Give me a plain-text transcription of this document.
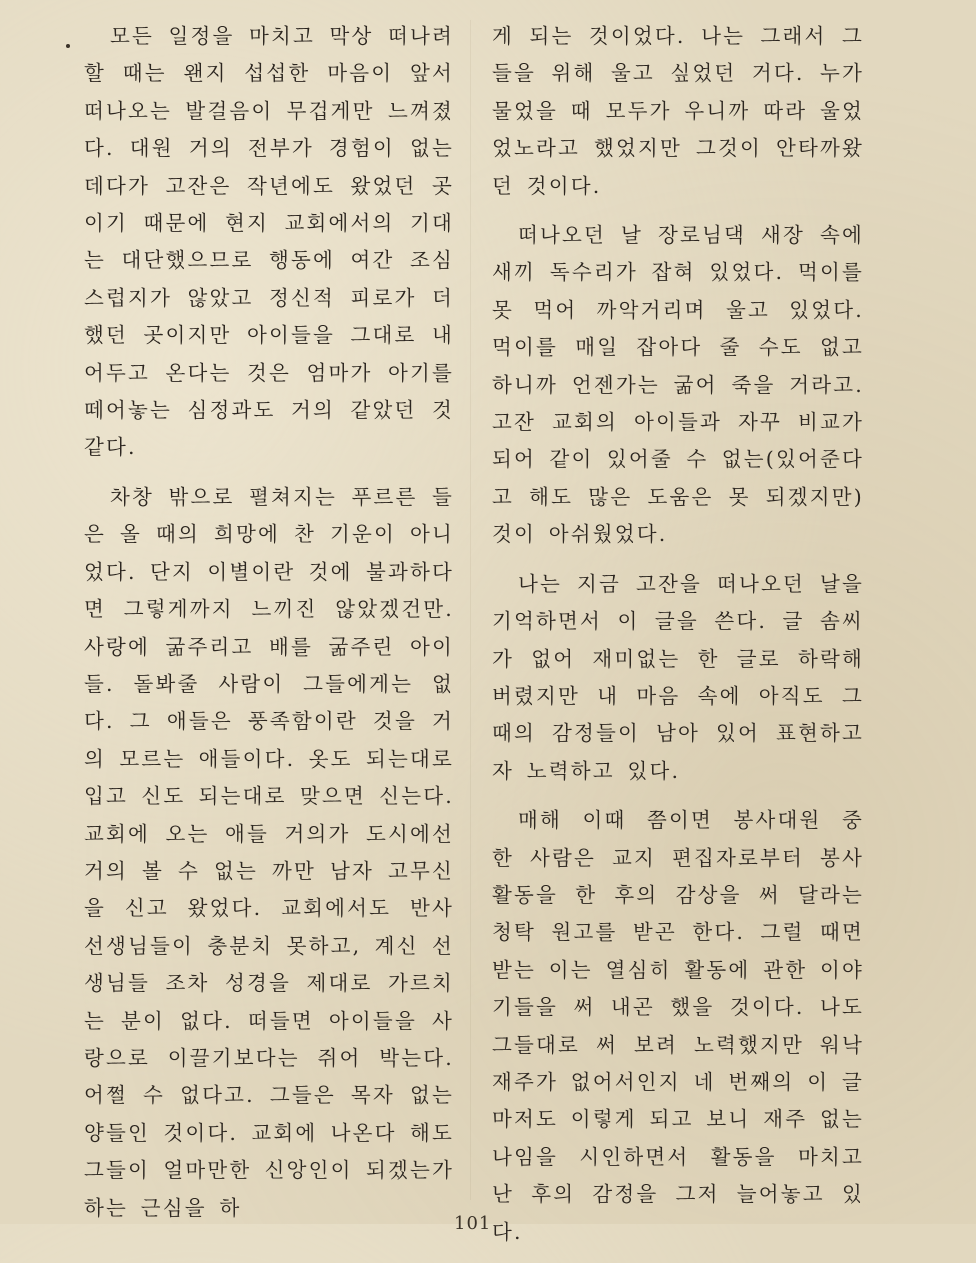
모든 일정을 마치고 막상 떠나려 할 때는 왠지 섭섭한 마음이 앞서 떠나오는 발걸음이 무겁게만 느껴졌다. 대원 거의 전부가 경험이 없는데다가 고잔은 작년에도 왔었던 곳이기 때문에 현지 교회에서의 기대는 대단했으므로 행동에 여간 조심스럽지가 않았고 정신적 피로가 더했던 곳이지만 아이들을 그대로 내어두고 온다는 것은 엄마가 아기를 떼어놓는 심정과도 거의 같았던 것 같다.

차창 밖으로 펼쳐지는 푸르른 들은 올 때의 희망에 찬 기운이 아니었다. 단지 이별이란 것에 불과하다면 그렇게까지 느끼진 않았겠건만. 사랑에 굶주리고 배를 굶주린 아이들. 돌봐줄 사람이 그들에게는 없다. 그 애들은 풍족함이란 것을 거의 모르는 애들이다. 옷도 되는대로 입고 신도 되는대로 맞으면 신는다. 교회에 오는 애들 거의가 도시에선 거의 볼 수 없는 까만 남자 고무신을 신고 왔었다. 교회에서도 반사 선생님들이 충분치 못하고, 계신 선생님들 조차 성경을 제대로 가르치는 분이 없다. 떠들면 아이들을 사랑으로 이끌기보다는 쥐어 박는다. 어쩔 수 없다고. 그들은 목자 없는 양들인 것이다. 교회에 나온다 해도 그들이 얼마만한 신앙인이 되겠는가 하는 근심을 하

게 되는 것이었다. 나는 그래서 그들을 위해 울고 싶었던 거다. 누가 물었을 때 모두가 우니까 따라 울었었노라고 했었지만 그것이 안타까왔던 것이다.

떠나오던 날 장로님댁 새장 속에 새끼 독수리가 잡혀 있었다. 먹이를 못 먹어 까악거리며 울고 있었다. 먹이를 매일 잡아다 줄 수도 없고 하니까 언젠가는 굶어 죽을 거라고. 고잔 교회의 아이들과 자꾸 비교가 되어 같이 있어줄 수 없는(있어준다고 해도 많은 도움은 못 되겠지만) 것이 아쉬웠었다.

나는 지금 고잔을 떠나오던 날을 기억하면서 이 글을 쓴다. 글 솜씨가 없어 재미없는 한 글로 하락해 버렸지만 내 마음 속에 아직도 그 때의 감정들이 남아 있어 표현하고자 노력하고 있다.

매해 이때 쯤이면 봉사대원 중 한 사람은 교지 편집자로부터 봉사활동을 한 후의 감상을 써 달라는 청탁 원고를 받곤 한다. 그럴 때면 받는 이는 열심히 활동에 관한 이야기들을 써 내곤 했을 것이다. 나도 그들대로 써 보려 노력했지만 워낙 재주가 없어서인지 네 번째의 이 글마저도 이렇게 되고 보니 재주 없는 나임을 시인하면서 활동을 마치고 난 후의 감정을 그저 늘어놓고 있다.

101
